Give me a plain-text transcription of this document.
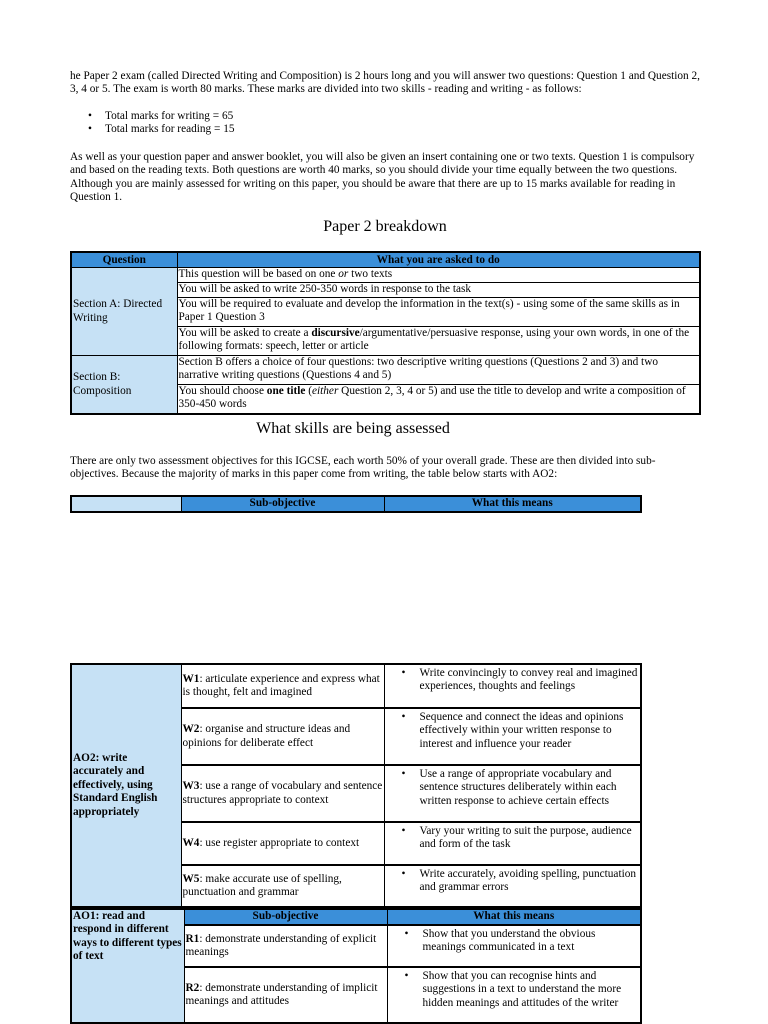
he Paper 2 exam (called Directed Writing and Composition) is 2 hours long and you will answer two questions: Question 1 and Question 2, 3, 4 or 5. The exam is worth 80 marks. These marks are divided into two skills - reading and writing - as follows:

• Total marks for writing = 65
• Total marks for reading = 15

As well as your question paper and answer booklet, you will also be given an insert containing one or two texts. Question 1 is compulsory and based on the reading texts. Both questions are worth 40 marks, so you should divide your time equally between the two questions. Although you are mainly assessed for writing on this paper, you should be aware that there are up to 15 marks available for reading in Question 1.

Paper 2 breakdown
Question	What you are asked to do
Section A: Directed Writing	This question will be based on one or two texts
	You will be asked to write 250-350 words in response to the task
	You will be required to evaluate and develop the information in the text(s) - using some of the same skills as in Paper 1 Question 3
	You will be asked to create a discursive/argumentative/persuasive response, using your own words, in one of the following formats: speech, letter or article
Section B: Composition	Section B offers a choice of four questions: two descriptive writing questions (Questions 2 and 3) and two narrative writing questions (Questions 4 and 5)
	You should choose one title (either Question 2, 3, 4 or 5) and use the title to develop and write a composition of 350-450 words
What skills are being assessed

There are only two assessment objectives for this IGCSE, each worth 50% of your overall grade. These are then divided into sub-objectives. Because the majority of marks in this paper come from writing, the table below starts with AO2:

	Sub-objective	What this means
AO2: write accurately and effectively, using Standard English appropriately	W1: articulate experience and express what is thought, felt and imagined	• Write convincingly to convey real and imagined experiences, thoughts and feelings

	W2: organise and structure ideas and opinions for deliberate effect	• Sequence and connect the ideas and opinions effectively within your written response to interest and influence your reader

	W3: use a range of vocabulary and sentence structures appropriate to context	• Use a range of appropriate vocabulary and sentence structures deliberately within each written response to achieve certain effects

	W4: use register appropriate to context	• Vary your writing to suit the purpose, audience and form of the task

	W5: make accurate use of spelling, punctuation and grammar	• Write accurately, avoiding spelling, punctuation and grammar errors
AO1: read and respond in different ways to different types of text	Sub-objective	What this means
	R1: demonstrate understanding of explicit meanings	• Show that you understand the obvious meanings communicated in a text

	R2: demonstrate understanding of implicit meanings and attitudes	• Show that you can recognise hints and suggestions in a text to understand the more hidden meanings and attitudes of the writer
